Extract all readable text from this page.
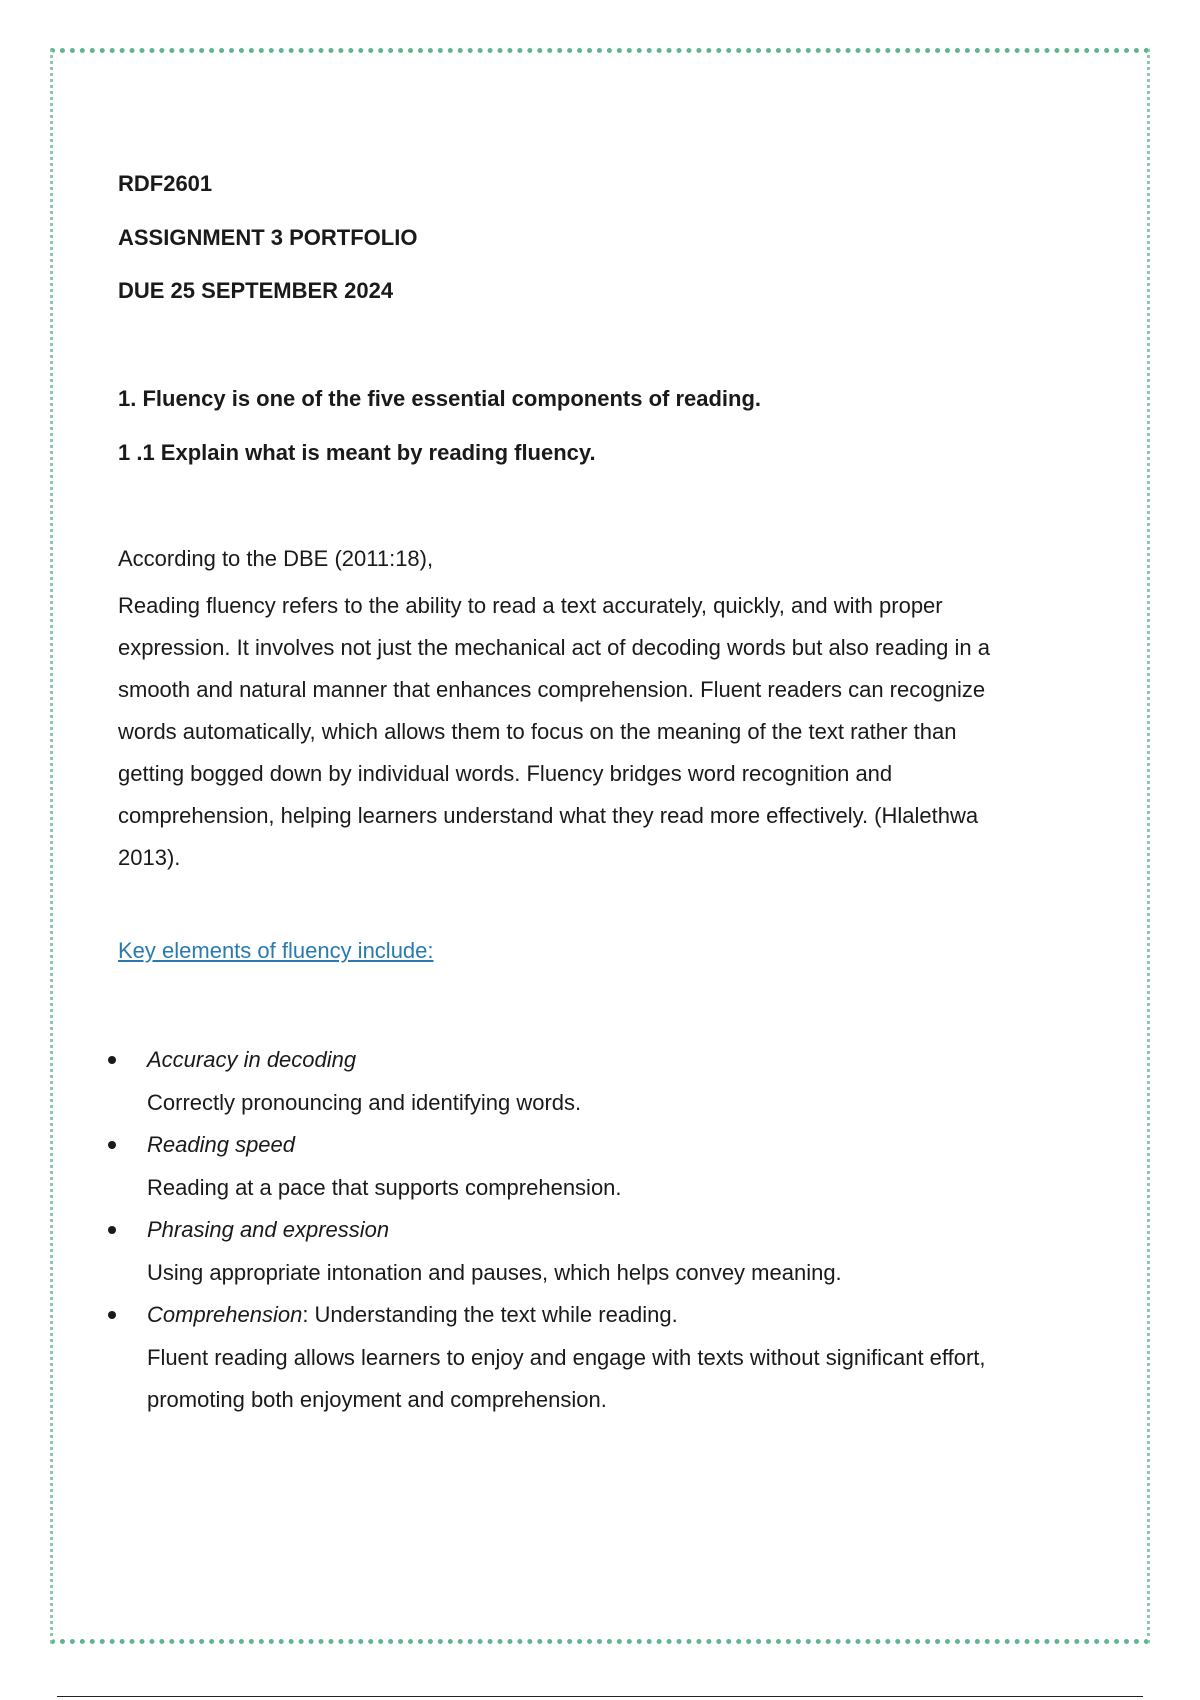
RDF2601
ASSIGNMENT 3 PORTFOLIO
DUE 25 SEPTEMBER 2024
1. Fluency is one of the five essential components of reading.
1 .1 Explain what is meant by reading fluency.
According to the DBE (2011:18),
Reading fluency refers to the ability to read a text accurately, quickly, and with proper
expression. It involves not just the mechanical act of decoding words but also reading in a
smooth and natural manner that enhances comprehension. Fluent readers can recognize
words automatically, which allows them to focus on the meaning of the text rather than
getting bogged down by individual words. Fluency bridges word recognition and
comprehension, helping learners understand what they read more effectively. (Hlalethwa
2013).
Key elements of fluency include:
Accuracy in decoding
Correctly pronouncing and identifying words.
Reading speed
Reading at a pace that supports comprehension.
Phrasing and expression
Using appropriate intonation and pauses, which helps convey meaning.
Comprehension: Understanding the text while reading.
Fluent reading allows learners to enjoy and engage with texts without significant effort,
promoting both enjoyment and comprehension.
